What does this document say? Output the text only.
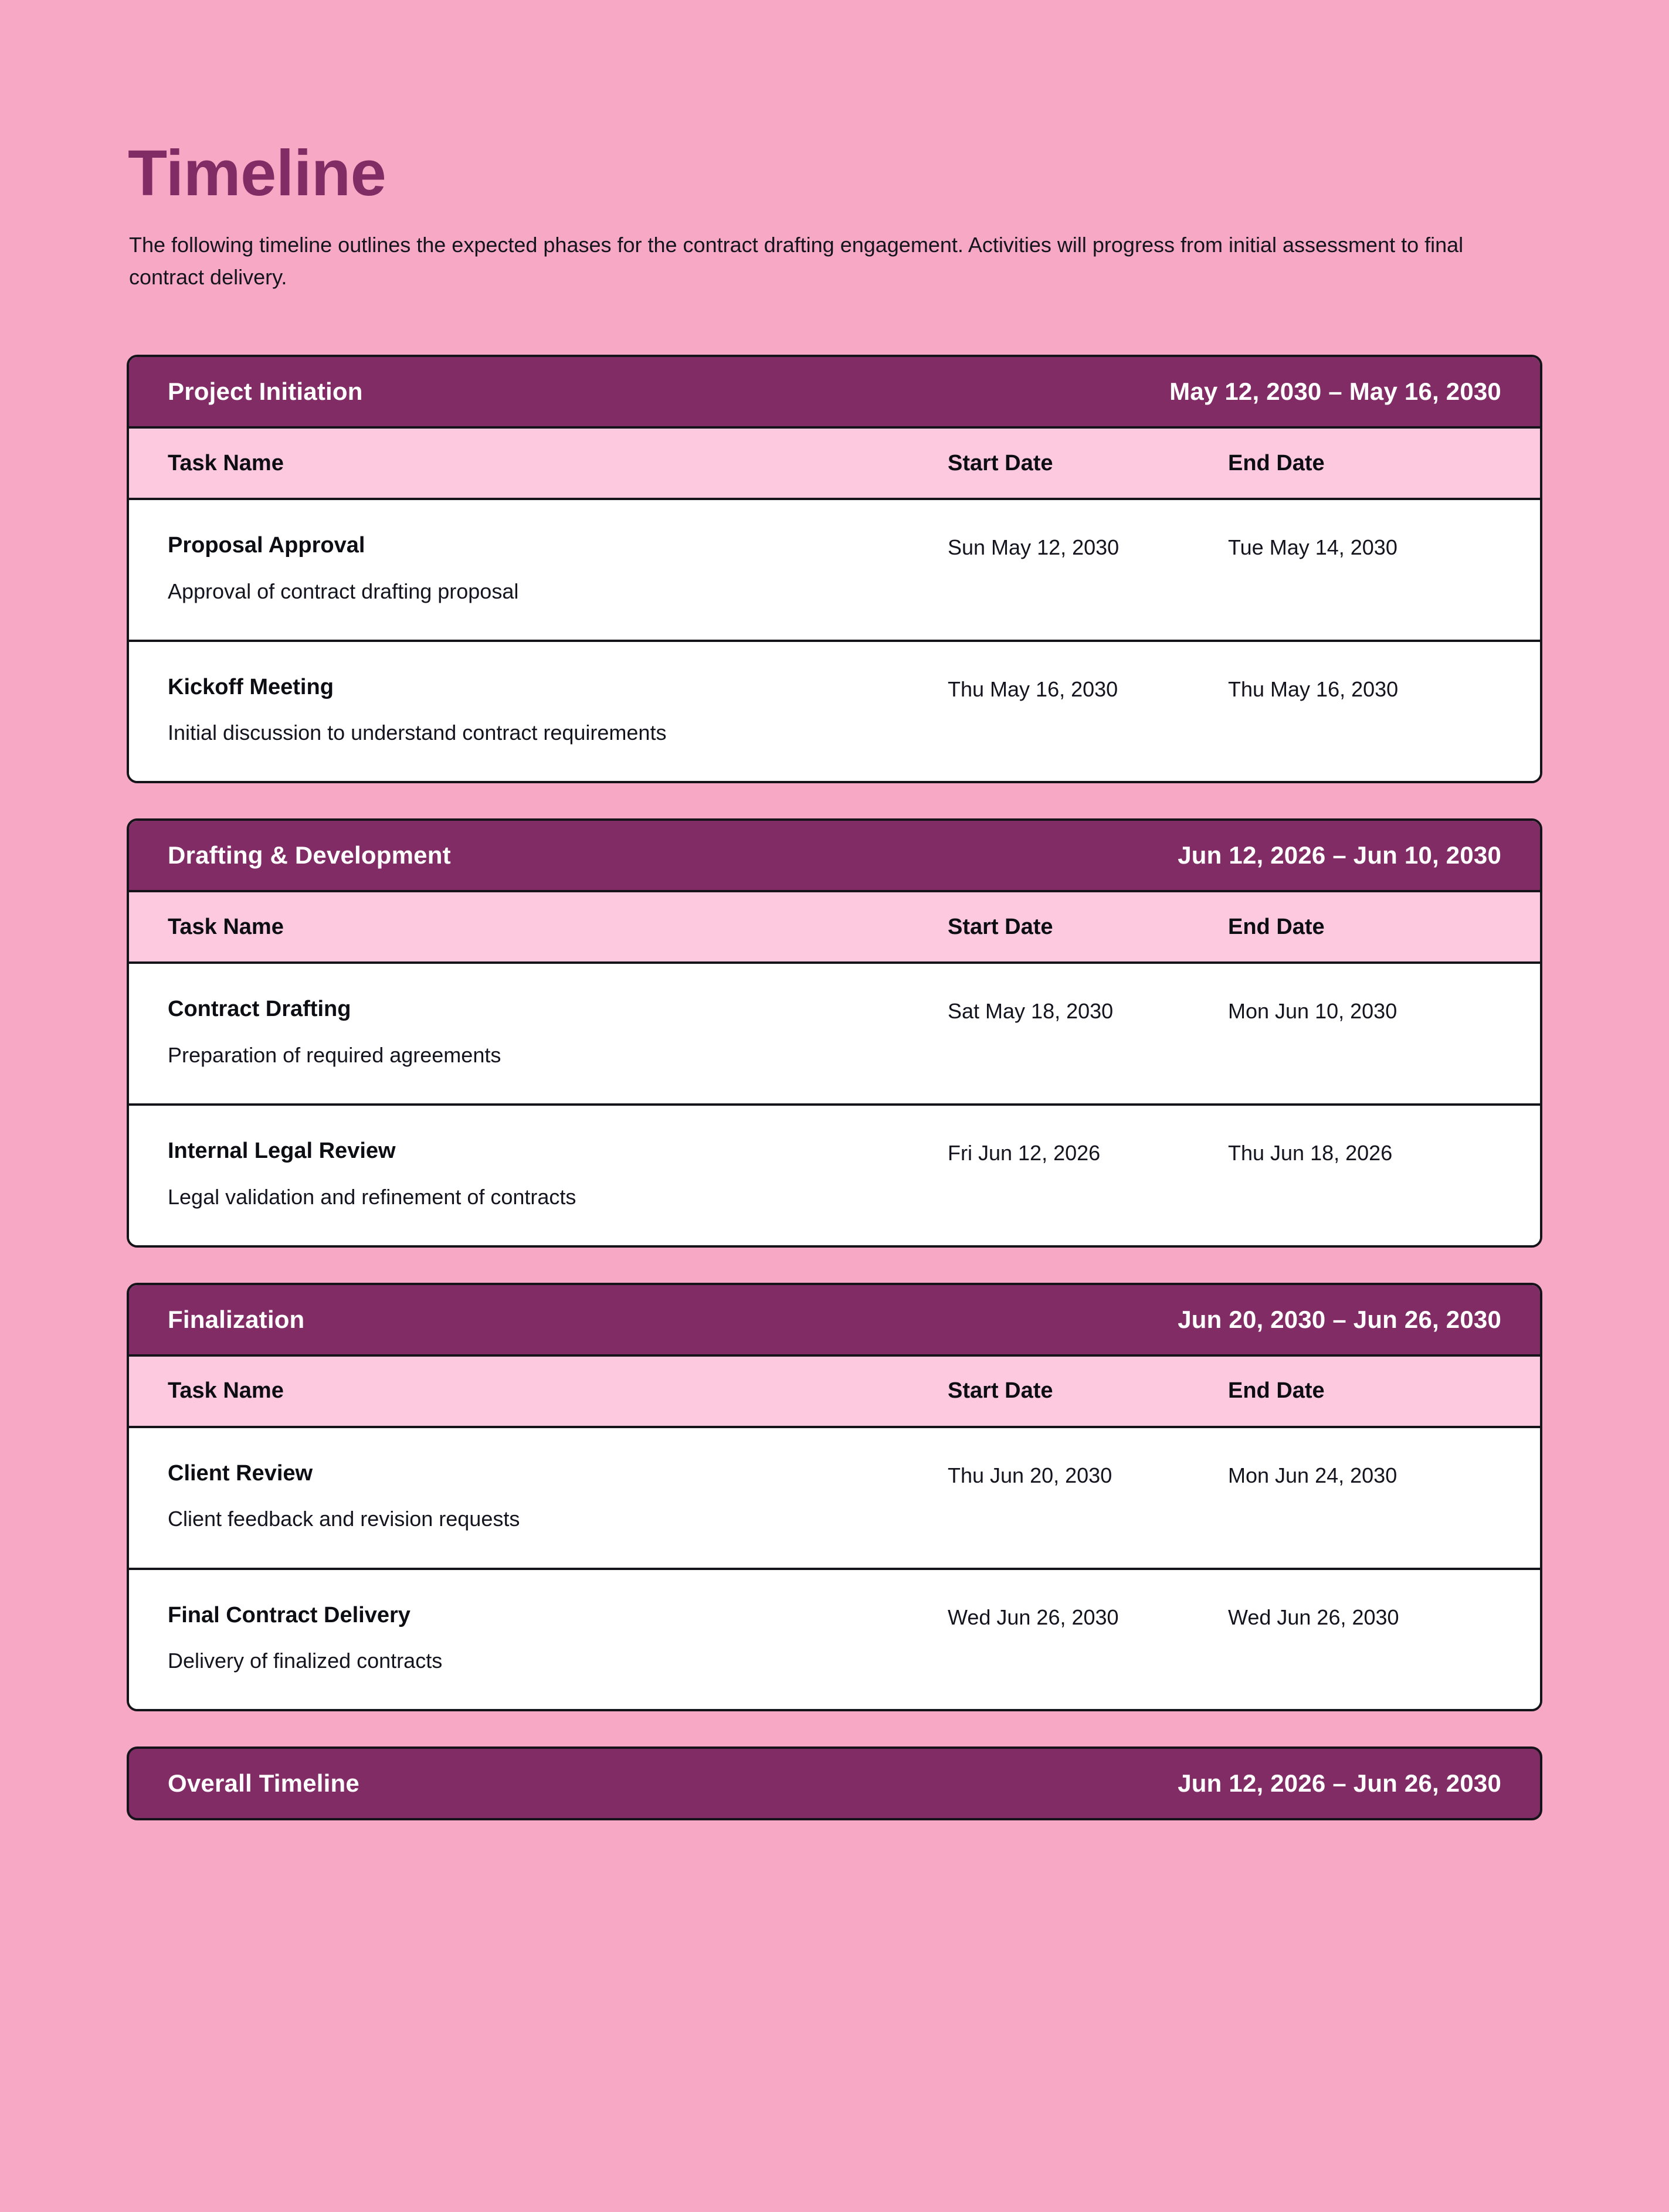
Timeline

The following timeline outlines the expected phases for the contract drafting engagement. Activities will progress from initial assessment to final contract delivery.

Project Initiation	May 12, 2030 – May 16, 2030
Task Name	Start Date	End Date
Proposal Approval
Approval of contract drafting proposal
Sun May 12, 2030	Tue May 14, 2030
Kickoff Meeting
Initial discussion to understand contract requirements
Thu May 16, 2030	Thu May 16, 2030
Drafting & Development	Jun 12, 2026 – Jun 10, 2030
Task Name	Start Date	End Date
Contract Drafting
Preparation of required agreements
Sat May 18, 2030	Mon Jun 10, 2030
Internal Legal Review
Legal validation and refinement of contracts
Fri Jun 12, 2026	Thu Jun 18, 2026
Finalization	Jun 20, 2030 – Jun 26, 2030
Task Name	Start Date	End Date
Client Review
Client feedback and revision requests
Thu Jun 20, 2030	Mon Jun 24, 2030
Final Contract Delivery
Delivery of finalized contracts
Wed Jun 26, 2030	Wed Jun 26, 2030
Overall Timeline	Jun 12, 2026 – Jun 26, 2030
